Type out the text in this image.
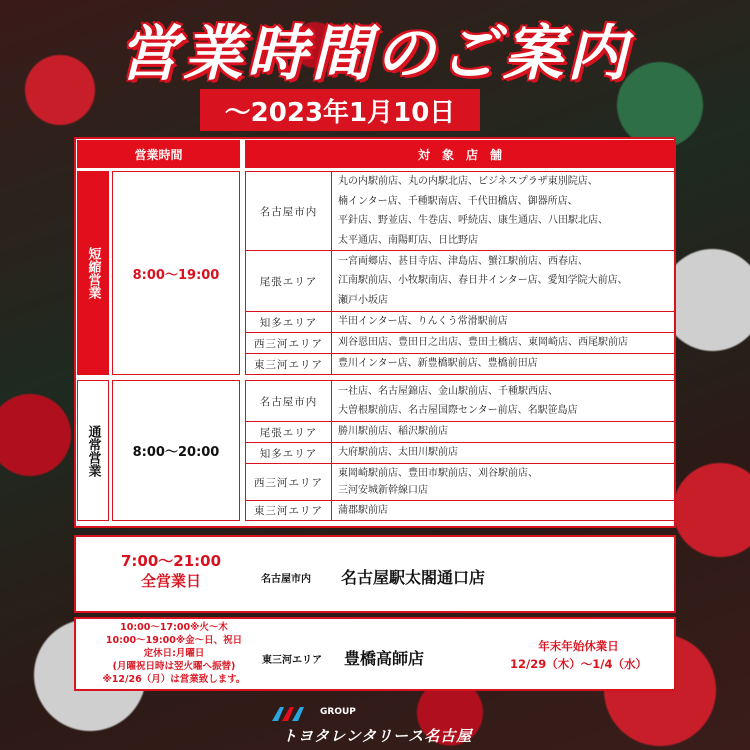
営業時間のご案内
～2023年1月10日
営業時間	対　象　店　舗
短縮営業	8:00～19:00
名古屋市内
丸の内駅前店、丸の内駅北店、ビジネスプラザ東別院店、
楠インター店、千種駅南店、千代田橋店、御器所店、
平針店、野並店、牛巻店、呼続店、康生通店、八田駅北店、
太平通店、南陽町店、日比野店
尾張エリア
一宮両郷店、甚目寺店、津島店、蟹江駅前店、西春店、
江南駅前店、小牧駅南店、春日井インター店、愛知学院大前店、
瀬戸小坂店
知多エリア	半田インター店、りんくう常滑駅前店
西三河エリア	刈谷恩田店、豊田日之出店、豊田土橋店、東岡崎店、西尾駅前店
東三河エリア	豊川インター店、新豊橋駅前店、豊橋前田店
通常営業	8:00～20:00
名古屋市内
一社店、名古屋錦店、金山駅前店、千種駅西店、
大曽根駅前店、名古屋国際センター前店、名駅笹島店
尾張エリア	勝川駅前店、稲沢駅前店
知多エリア	大府駅前店、太田川駅前店
西三河エリア
東岡崎駅前店、豊田市駅前店、刈谷駅前店、
三河安城新幹線口店
東三河エリア	蒲郡駅前店
7:00～21:00
全営業日	名古屋市内 名古屋駅太閤通口店
10:00～17:00※火～木
10:00～19:00※金～日、祝日
定休日:月曜日
(月曜祝日時は翌火曜へ振替)
※12/26（月）は営業致します。
東三河エリア 豊橋高師店
年末年始休業日
12/29（木）～1/4（水）
GROUP
トヨタレンタリース名古屋
